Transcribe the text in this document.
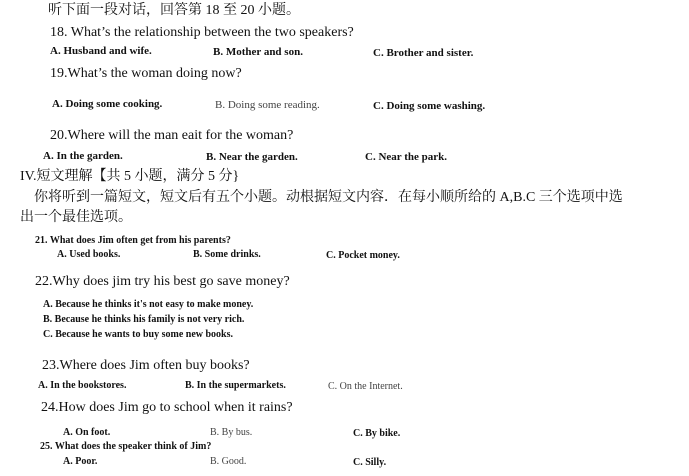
听下面一段对话，回答第 18 至 20 小题。
18. What’s the relationship between the two speakers?
A. Husband and wife.	B. Mother and son.	C. Brother and sister.
19.What’s the woman doing now?
A. Doing some cooking.	B. Doing some reading.	C. Doing some washing.
20.Where will the man eait for the woman?
A. In the garden.	B. Near the garden.	C. Near the park.
IV.短文理解【共 5 小题，满分 5 分}
你将听到一篇短文，短文后有五个小题。动根据短文内容．在每小顺所给的 A,B.C 三个选项中选
出一个最佳选项。
21. What does Jim often get from his parents?
A. Used books.	B. Some drinks.	C. Pocket money.
22.Why does jim try his best go save money?
A. Because he thinks it's not easy to make money.
B. Because he thinks his family is not very rich.
C. Because he wants to buy some new books.
23.Where does Jim often buy books?
A. In the bookstores.	B. In the supermarkets.	C. On the Internet.
24.How does Jim go to school when it rains?
A. On foot.	B. By bus.	C. By bike.
25. What does the speaker think of Jim?
A. Poor.	B. Good.	C. Silly.
